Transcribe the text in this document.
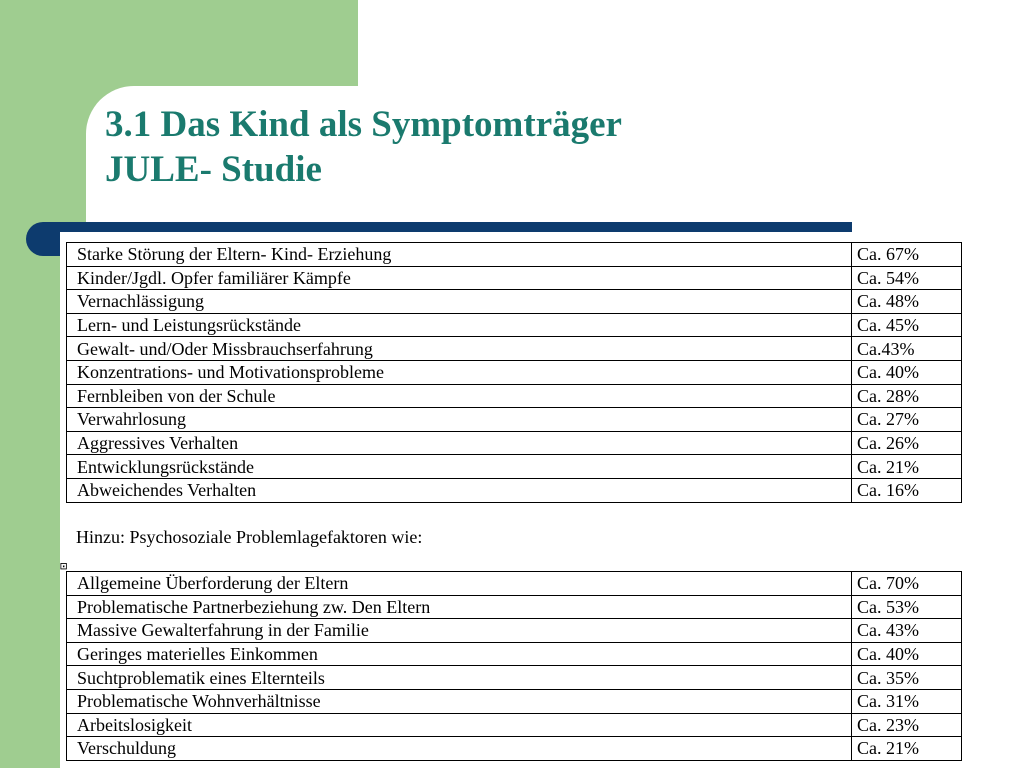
3.1 Das Kind als Symptomträger
JULE- Studie
Starke Störung der Eltern- Kind- Erziehung	Ca. 67%
Kinder/Jgdl. Opfer familiärer Kämpfe	Ca. 54%
Vernachlässigung	Ca. 48%
Lern- und Leistungsrückstände	Ca. 45%
Gewalt- und/Oder Missbrauchserfahrung	Ca.43%
Konzentrations- und Motivationsprobleme	Ca. 40%
Fernbleiben von der Schule	Ca. 28%
Verwahrlosung	Ca. 27%
Aggressives Verhalten	Ca. 26%
Entwicklungsrückstände	Ca. 21%
Abweichendes Verhalten	Ca. 16%
Hinzu: Psychosoziale Problemlagefaktoren wie:
⊡
Allgemeine Überforderung der Eltern	Ca. 70%
Problematische Partnerbeziehung zw. Den Eltern	Ca. 53%
Massive Gewalterfahrung in der Familie	Ca. 43%
Geringes materielles Einkommen	Ca. 40%
Suchtproblematik eines Elternteils	Ca. 35%
Problematische Wohnverhältnisse	Ca. 31%
Arbeitslosigkeit	Ca. 23%
Verschuldung	Ca. 21%
